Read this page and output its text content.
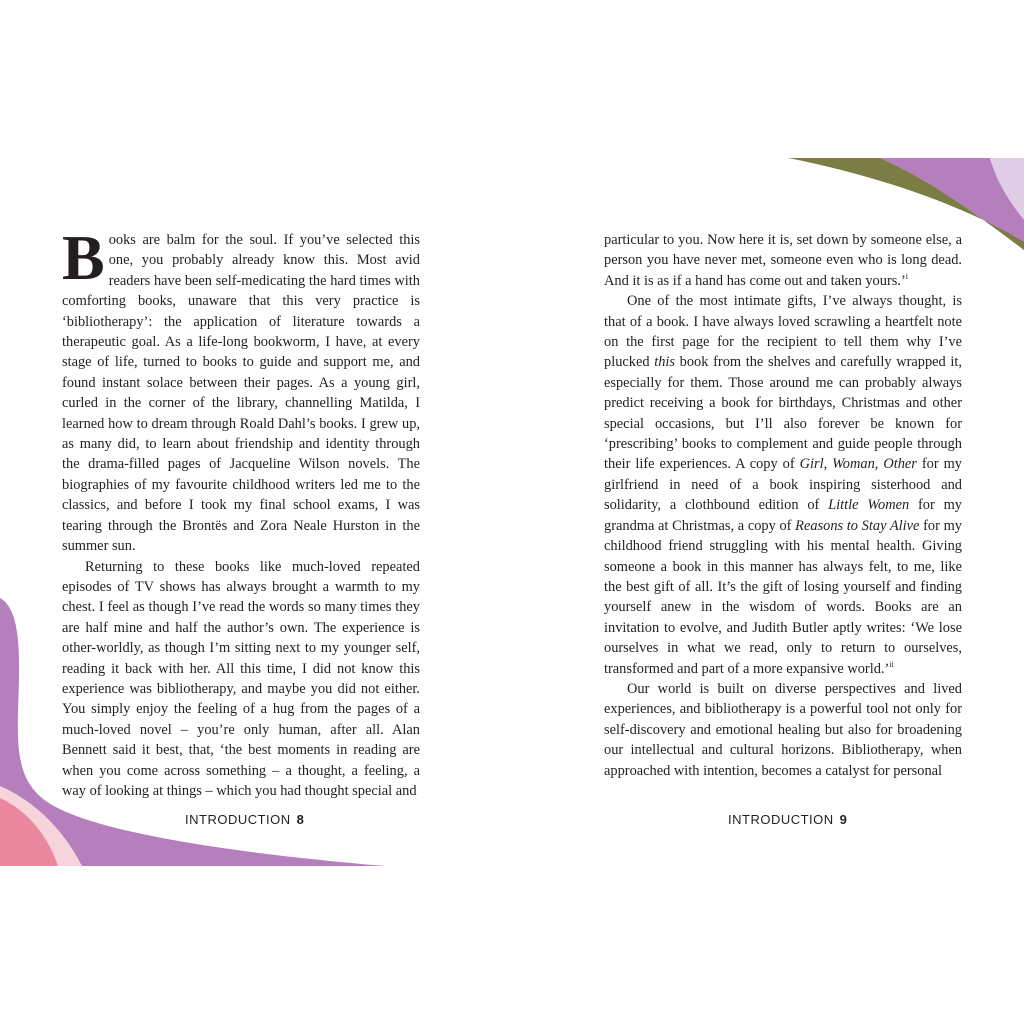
Books are balm for the soul. If you’ve selected this one, you probably already know this. Most avid readers have been self-medicating the hard times with comforting books, unaware that this very practice is ‘bibliotherapy’: the application of literature towards a therapeutic goal. As a life-long bookworm, I have, at every stage of life, turned to books to guide and support me, and found instant solace between their pages. As a young girl, curled in the corner of the library, channelling Matilda, I learned how to dream through Roald Dahl’s books. I grew up, as many did, to learn about friendship and identity through the drama-filled pages of Jacqueline Wilson novels. The biographies of my favourite childhood writers led me to the classics, and before I took my final school exams, I was tearing through the Brontës and Zora Neale Hurston in the summer sun.

Returning to these books like much-loved repeated episodes of TV shows has always brought a warmth to my chest. I feel as though I’ve read the words so many times they are half mine and half the author’s own. The experience is other-worldly, as though I’m sitting next to my younger self, reading it back with her. All this time, I did not know this experience was bibliotherapy, and maybe you did not either. You simply enjoy the feeling of a hug from the pages of a much-loved novel – you’re only human, after all. Alan Bennett said it best, that, ‘the best moments in reading are when you come across something – a thought, a feeling, a way of looking at things – which you had thought special and

particular to you. Now here it is, set down by someone else, a person you have never met, someone even who is long dead. And it is as if a hand has come out and taken yours.’$^i$

One of the most intimate gifts, I’ve always thought, is that of a book. I have always loved scrawling a heartfelt note on the first page for the recipient to tell them why I’ve plucked this book from the shelves and carefully wrapped it, especially for them. Those around me can probably always predict receiving a book for birthdays, Christmas and other special occasions, but I’ll also forever be known for ‘prescribing’ books to complement and guide people through their life experiences. A copy of Girl, Woman, Other for my girlfriend in need of a book inspiring sisterhood and solidarity, a clothbound edition of Little Women for my grandma at Christmas, a copy of Reasons to Stay Alive for my childhood friend struggling with his mental health. Giving someone a book in this manner has always felt, to me, like the best gift of all. It’s the gift of losing yourself and finding yourself anew in the wisdom of words. Books are an invitation to evolve, and Judith Butler aptly writes: ‘We lose ourselves in what we read, only to return to ourselves, transformed and part of a more expansive world.’$^{ii}$

Our world is built on diverse perspectives and lived experiences, and bibliotherapy is a powerful tool not only for self-discovery and emotional healing but also for broadening our intellectual and cultural horizons. Bibliotherapy, when approached with intention, becomes a catalyst for personal

INTRODUCTION 8	INTRODUCTION 9
